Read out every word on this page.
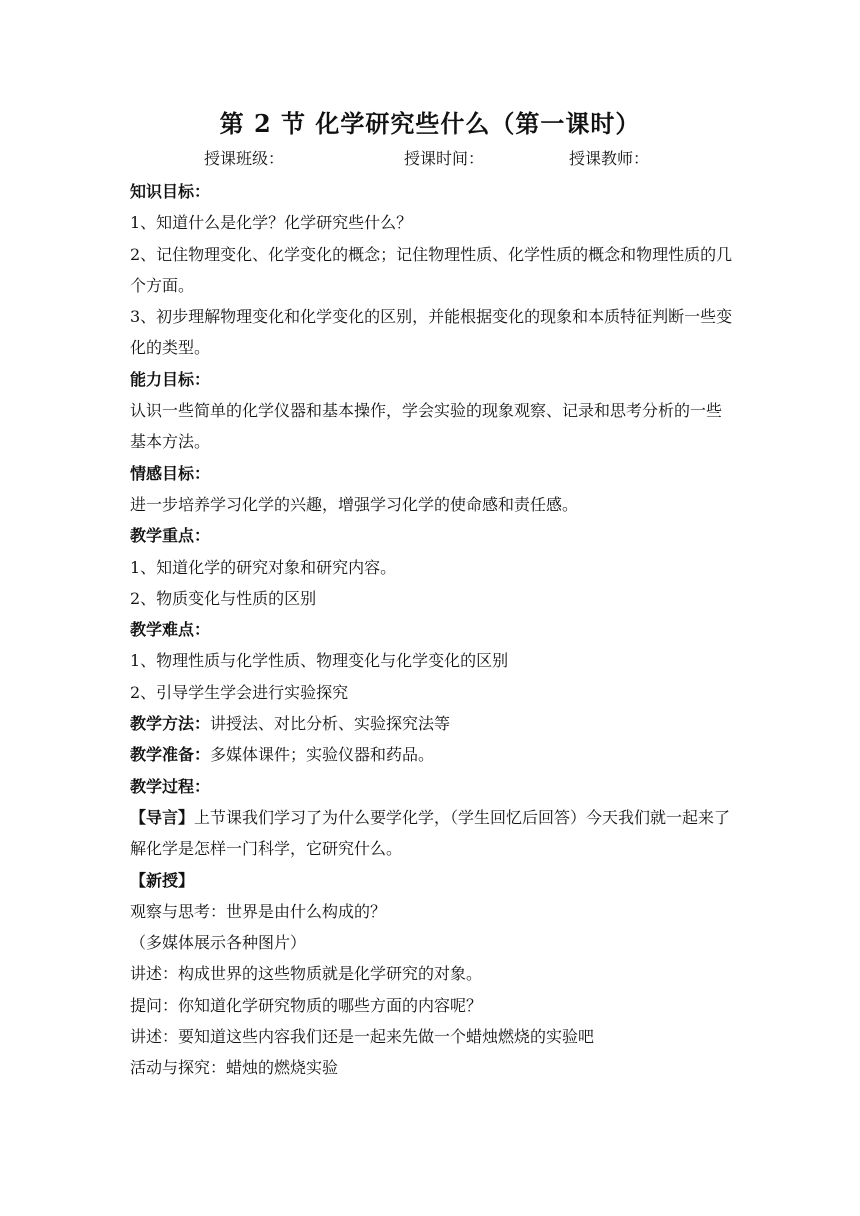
第 2 节 化学研究些什么（第一课时）
授课班级：	授课时间：	授课教师：

知识目标：

1、知道什么是化学？化学研究些什么？

2、记住物理变化、化学变化的概念；记住物理性质、化学性质的概念和物理性质的几个方面。

3、初步理解物理变化和化学变化的区别，并能根据变化的现象和本质特征判断一些变化的类型。

能力目标：

认识一些简单的化学仪器和基本操作，学会实验的现象观察、记录和思考分析的一些基本方法。

情感目标：

进一步培养学习化学的兴趣，增强学习化学的使命感和责任感。

教学重点：

1、知道化学的研究对象和研究内容。

2、物质变化与性质的区别

教学难点：

1、物理性质与化学性质、物理变化与化学变化的区别

2、引导学生学会进行实验探究

教学方法：讲授法、对比分析、实验探究法等

教学准备：多媒体课件；实验仪器和药品。

教学过程：

【导言】上节课我们学习了为什么要学化学，（学生回忆后回答）今天我们就一起来了解化学是怎样一门科学，它研究什么。

【新授】

观察与思考：世界是由什么构成的？

（多媒体展示各种图片）

讲述：构成世界的这些物质就是化学研究的对象。

提问：你知道化学研究物质的哪些方面的内容呢？

讲述：要知道这些内容我们还是一起来先做一个蜡烛燃烧的实验吧

活动与探究：蜡烛的燃烧实验
